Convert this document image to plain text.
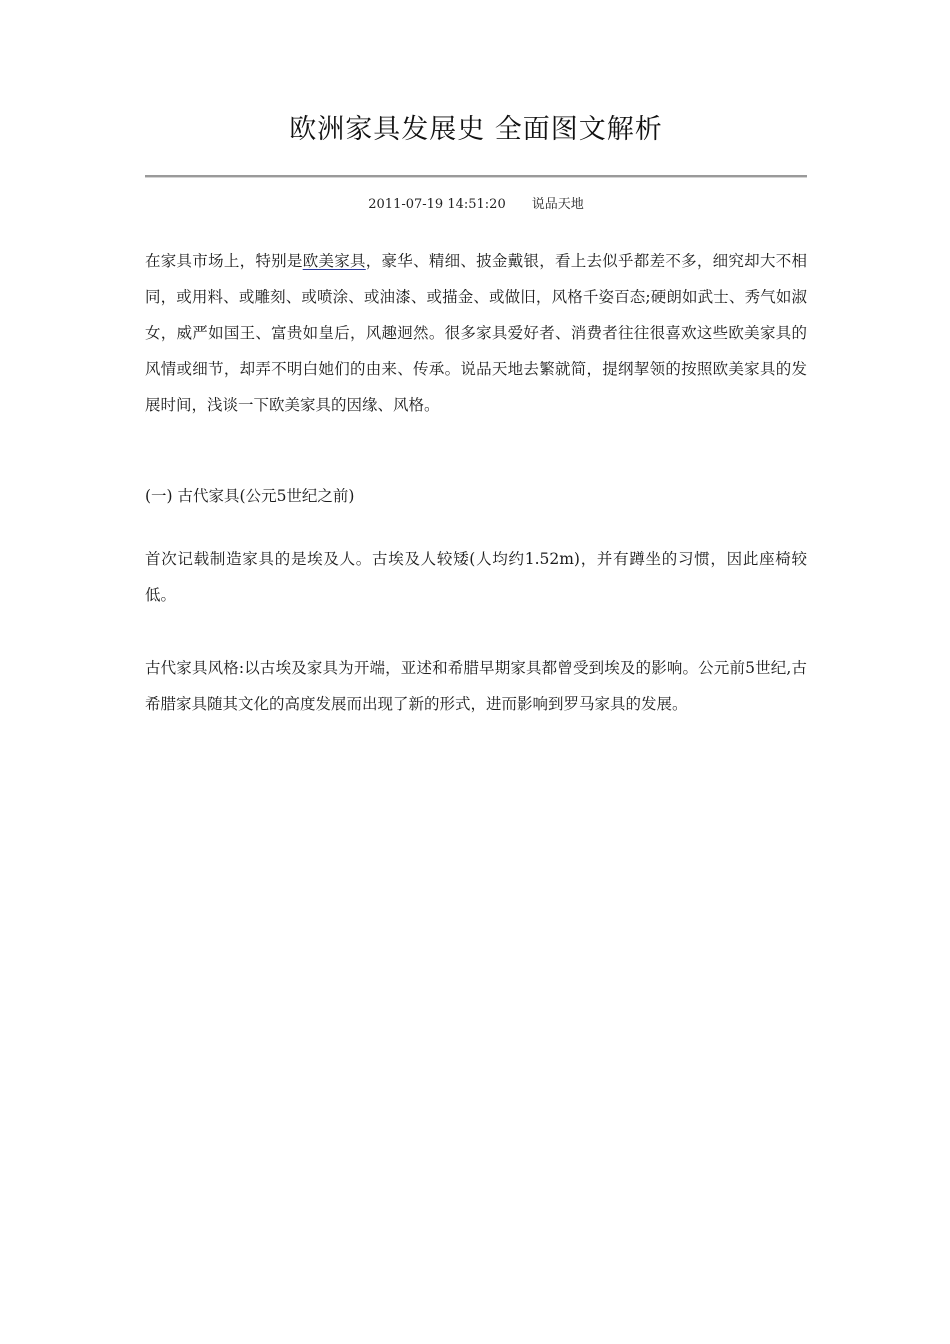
欧洲家具发展史 全面图文解析
2011-07-19 14:51:20 说品天地
在家具市场上，特别是欧美家具，豪华、精细、披金戴银，看上去似乎都差不多，细究却大不相同，或用料、或雕刻、或喷涂、或油漆、或描金、或做旧，风格千姿百态;硬朗如武士、秀气如淑女，威严如国王、富贵如皇后，风趣迥然。很多家具爱好者、消费者往往很喜欢这些欧美家具的风情或细节，却弄不明白她们的由来、传承。说品天地去繁就简，提纲挈领的按照欧美家具的发展时间，浅谈一下欧美家具的因缘、风格。
(一) 古代家具(公元5世纪之前)
首次记载制造家具的是埃及人。古埃及人较矮(人均约1.52m)，并有蹲坐的习惯，因此座椅较低。
古代家具风格:以古埃及家具为开端，亚述和希腊早期家具都曾受到埃及的影响。公元前5世纪,古希腊家具随其文化的高度发展而出现了新的形式，进而影响到罗马家具的发展。
